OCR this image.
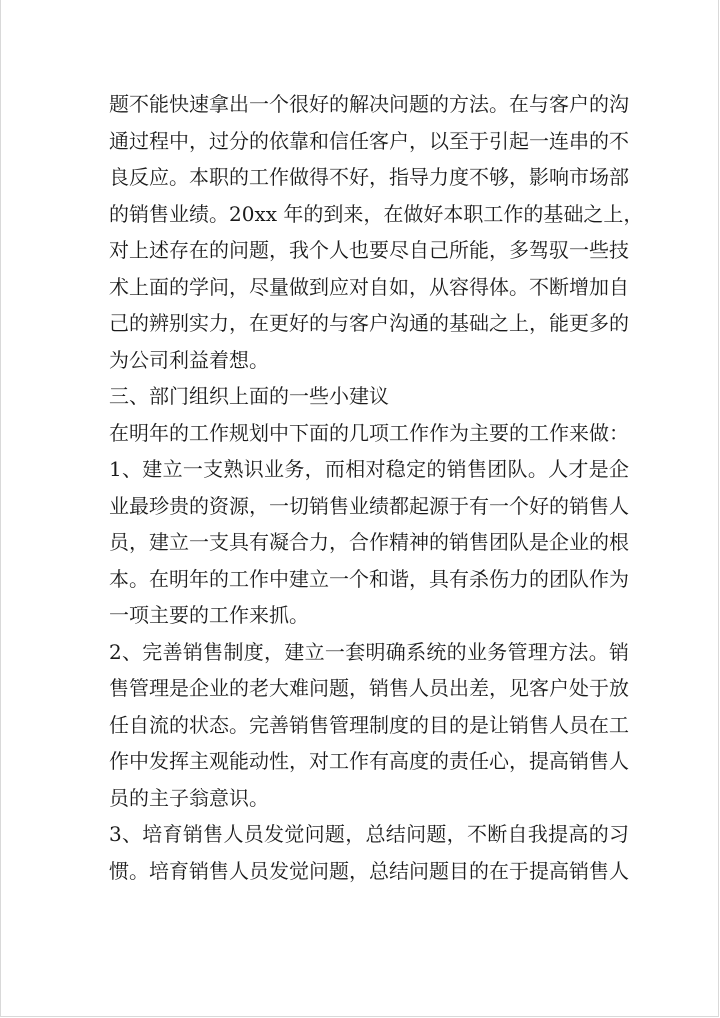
题不能快速拿出一个很好的解决问题的方法。在与客户的沟
通过程中，过分的依靠和信任客户，以至于引起一连串的不
良反应。本职的工作做得不好，指导力度不够，影响市场部
的销售业绩。20xx 年的到来，在做好本职工作的基础之上，
对上述存在的问题，我个人也要尽自己所能，多驾驭一些技
术上面的学问，尽量做到应对自如，从容得体。不断增加自
己的辨别实力，在更好的与客户沟通的基础之上，能更多的
为公司利益着想。
三、部门组织上面的一些小建议
在明年的工作规划中下面的几项工作作为主要的工作来做：
1、建立一支熟识业务，而相对稳定的销售团队。人才是企
业最珍贵的资源，一切销售业绩都起源于有一个好的销售人
员，建立一支具有凝合力，合作精神的销售团队是企业的根
本。在明年的工作中建立一个和谐，具有杀伤力的团队作为
一项主要的工作来抓。
2、完善销售制度，建立一套明确系统的业务管理方法。销
售管理是企业的老大难问题，销售人员出差，见客户处于放
任自流的状态。完善销售管理制度的目的是让销售人员在工
作中发挥主观能动性，对工作有高度的责任心，提高销售人
员的主子翁意识。
3、培育销售人员发觉问题，总结问题，不断自我提高的习
惯。培育销售人员发觉问题，总结问题目的在于提高销售人
